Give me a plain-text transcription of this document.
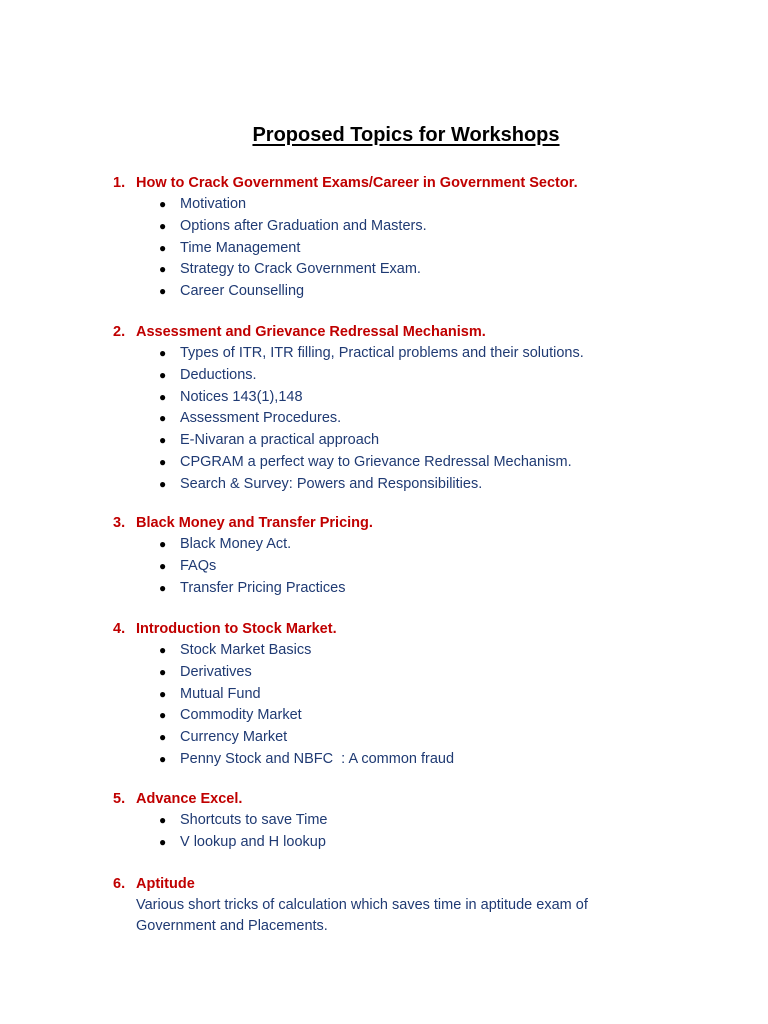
Proposed Topics for Workshops
1. How to Crack Government Exams/Career in Government Sector.
● Motivation
● Options after Graduation and Masters.
● Time Management
● Strategy to Crack Government Exam.
● Career Counselling
2. Assessment and Grievance Redressal Mechanism.
● Types of ITR, ITR filling, Practical problems and their solutions.
● Deductions.
● Notices 143(1),148
● Assessment Procedures.
● E-Nivaran a practical approach
● CPGRAM a perfect way to Grievance Redressal Mechanism.
● Search & Survey: Powers and Responsibilities.
3. Black Money and Transfer Pricing.
● Black Money Act.
● FAQs
● Transfer Pricing Practices
4. Introduction to Stock Market.
● Stock Market Basics
● Derivatives
● Mutual Fund
● Commodity Market
● Currency Market
● Penny Stock and NBFC  : A common fraud
5. Advance Excel.
● Shortcuts to save Time
● V lookup and H lookup
6. Aptitude

Various short tricks of calculation which saves time in aptitude exam of Government and Placements.
